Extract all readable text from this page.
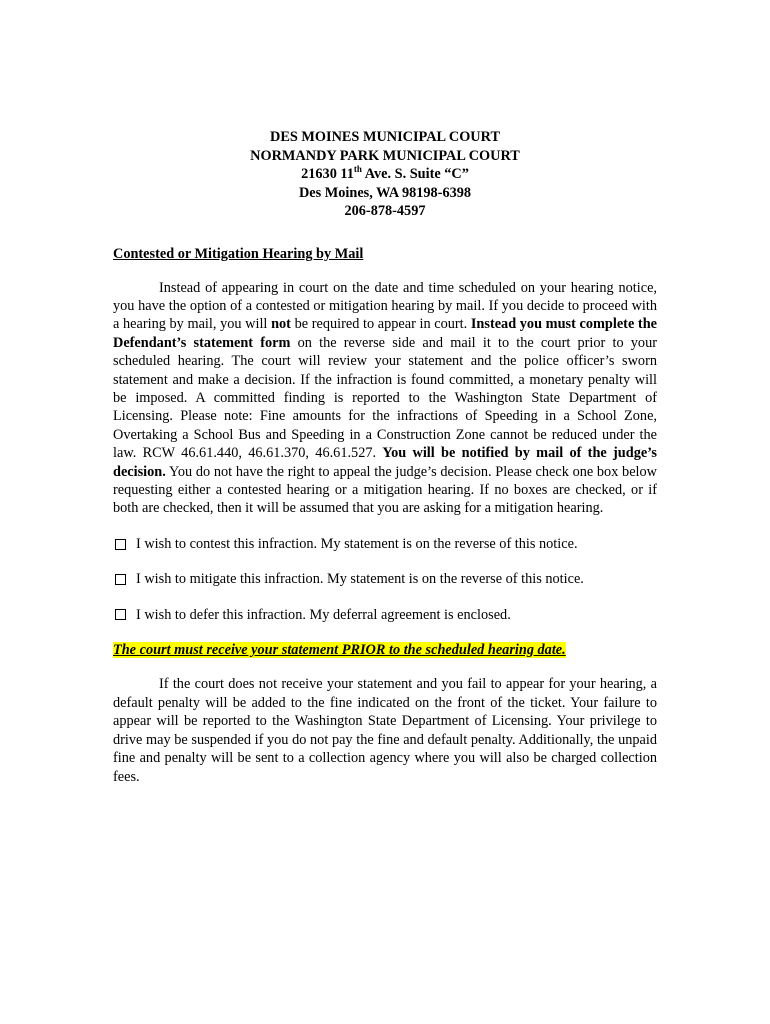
DES MOINES MUNICIPAL COURT
NORMANDY PARK MUNICIPAL COURT
21630 11th Ave. S. Suite “C”
Des Moines, WA 98198-6398
206-878-4597
Contested or Mitigation Hearing by Mail
Instead of appearing in court on the date and time scheduled on your hearing notice, you have the option of a contested or mitigation hearing by mail. If you decide to proceed with a hearing by mail, you will not be required to appear in court. Instead you must complete the Defendant’s statement form on the reverse side and mail it to the court prior to your scheduled hearing. The court will review your statement and the police officer’s sworn statement and make a decision. If the infraction is found committed, a monetary penalty will be imposed. A committed finding is reported to the Washington State Department of Licensing. Please note: Fine amounts for the infractions of Speeding in a School Zone, Overtaking a School Bus and Speeding in a Construction Zone cannot be reduced under the law. RCW 46.61.440, 46.61.370, 46.61.527. You will be notified by mail of the judge’s decision. You do not have the right to appeal the judge’s decision. Please check one box below requesting either a contested hearing or a mitigation hearing. If no boxes are checked, or if both are checked, then it will be assumed that you are asking for a mitigation hearing.
I wish to contest this infraction. My statement is on the reverse of this notice.
I wish to mitigate this infraction. My statement is on the reverse of this notice.
I wish to defer this infraction. My deferral agreement is enclosed.
The court must receive your statement PRIOR to the scheduled hearing date.
If the court does not receive your statement and you fail to appear for your hearing, a default penalty will be added to the fine indicated on the front of the ticket. Your failure to appear will be reported to the Washington State Department of Licensing. Your privilege to drive may be suspended if you do not pay the fine and default penalty. Additionally, the unpaid fine and penalty will be sent to a collection agency where you will also be charged collection fees.
